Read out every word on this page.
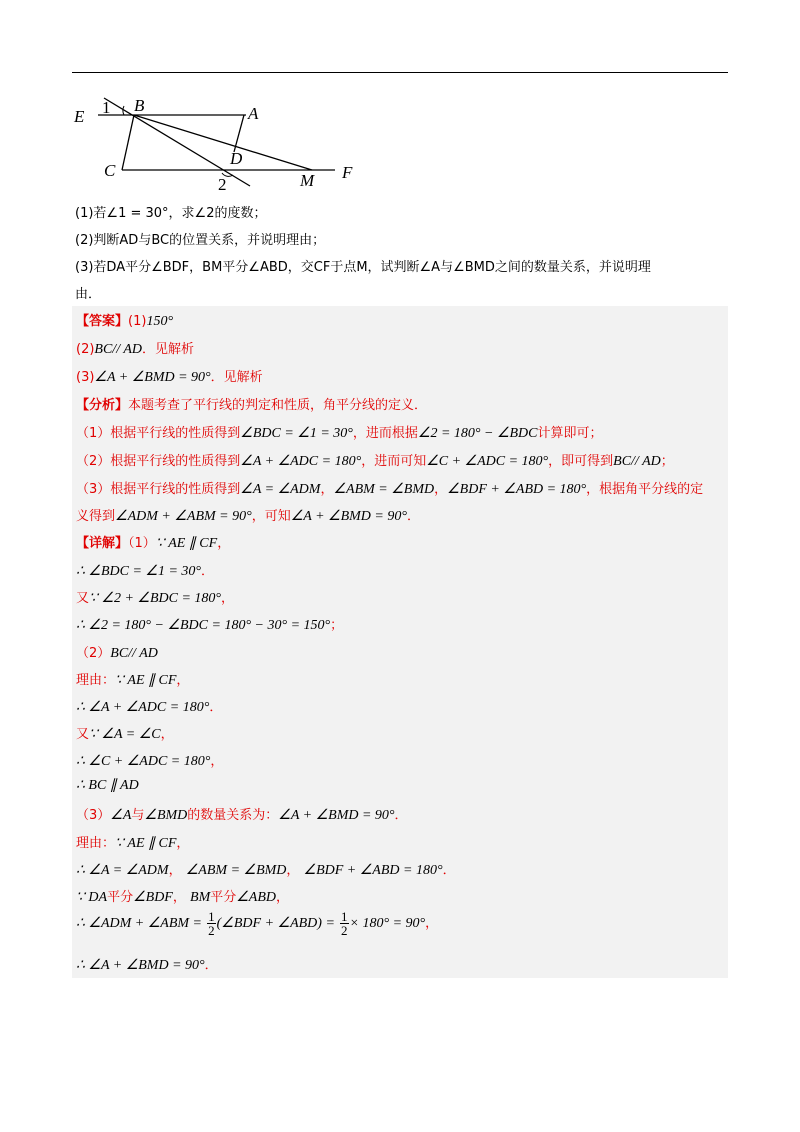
E 1 B	A
D
C
2	M F
(1)若∠1 = 30°，求∠2的度数；
(2)判断AD与BC的位置关系，并说明理由；
(3)若DA平分∠BDF，BM平分∠ABD，交CF于点M，试判断∠A与∠BMD之间的数量关系，并说明理
由．
【答案】(1)150°
(2)BC// AD．见解析
(3)∠A + ∠BMD = 90°．见解析
【分析】本题考查了平行线的判定和性质，角平分线的定义．
（1）根据平行线的性质得到∠BDC = ∠1 = 30°，进而根据∠2 = 180° − ∠BDC计算即可；
（2）根据平行线的性质得到∠A + ∠ADC = 180°，进而可知∠C + ∠ADC = 180°，即可得到BC// AD；
（3）根据平行线的性质得到∠A = ∠ADM，∠ABM = ∠BMD，∠BDF + ∠ABD = 180°，根据角平分线的定
义得到∠ADM + ∠ABM = 90°，可知∠A + ∠BMD = 90°．
【详解】（1）∵ AE ∥ CF，
∴ ∠BDC = ∠1 = 30°．
又∵ ∠2 + ∠BDC = 180°，
∴ ∠2 = 180° − ∠BDC = 180° − 30° = 150°；
（2）BC// AD
理由：∵ AE ∥ CF，
∴ ∠A + ∠ADC = 180°．
又∵ ∠A = ∠C，
∴ ∠C + ∠ADC = 180°，
∴ BC ∥ AD
（3）∠A与∠BMD的数量关系为：∠A + ∠BMD = 90°．
理由：∵ AE ∥ CF，
∴ ∠A = ∠ADM， ∠ABM = ∠BMD， ∠BDF + ∠ABD = 180°．
∵ DA平分∠BDF， BM平分∠ABD，
∴ ∠ADM + ∠ABM = $\frac{1}{2}$ (∠BDF + ∠ABD) = $\frac{1}{2} \times 180^\circ = 90^\circ$，
∴ ∠A + ∠BMD = 90°．
